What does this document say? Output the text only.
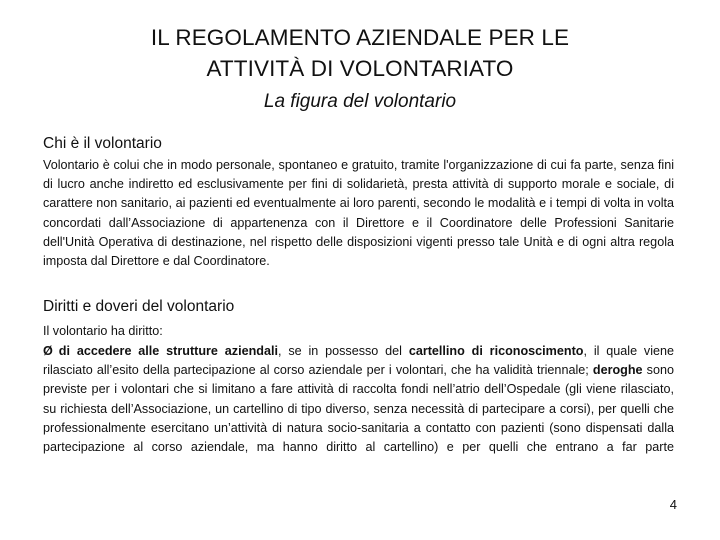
IL REGOLAMENTO AZIENDALE PER LE
ATTIVITÀ DI VOLONTARIATO
La figura del volontario
Chi è il volontario
Volontario è colui che in modo personale, spontaneo e gratuito, tramite l'organizzazione di cui fa parte, senza fini di lucro anche indiretto ed esclusivamente per fini di solidarietà, presta attività di supporto morale e sociale, di carattere non sanitario, ai pazienti ed eventualmente ai loro parenti, secondo le modalità e i tempi di volta in volta concordati dall’Associazione di appartenenza con il Direttore e il Coordinatore delle Professioni Sanitarie dell'Unità Operativa di destinazione, nel rispetto delle disposizioni vigenti presso tale Unità e di ogni altra regola imposta dal Direttore e dal Coordinatore.
Diritti e doveri del volontario
Il volontario ha diritto:
Ø di accedere alle strutture aziendali, se in possesso del cartellino di riconoscimento, il quale viene rilasciato all’esito della partecipazione al corso aziendale per i volontari, che ha validità triennale; deroghe sono previste per i volontari che si limitano a fare attività di raccolta fondi nell’atrio dell’Ospedale (gli viene rilasciato, su richiesta dell’Associazione, un cartellino di tipo diverso, senza necessità di partecipare a corsi), per quelli che professionalmente esercitano un’attività di natura socio-sanitaria a contatto con pazienti (sono dispensati dalla partecipazione al corso aziendale, ma hanno diritto al cartellino) e per quelli che entrano a far parte
4
